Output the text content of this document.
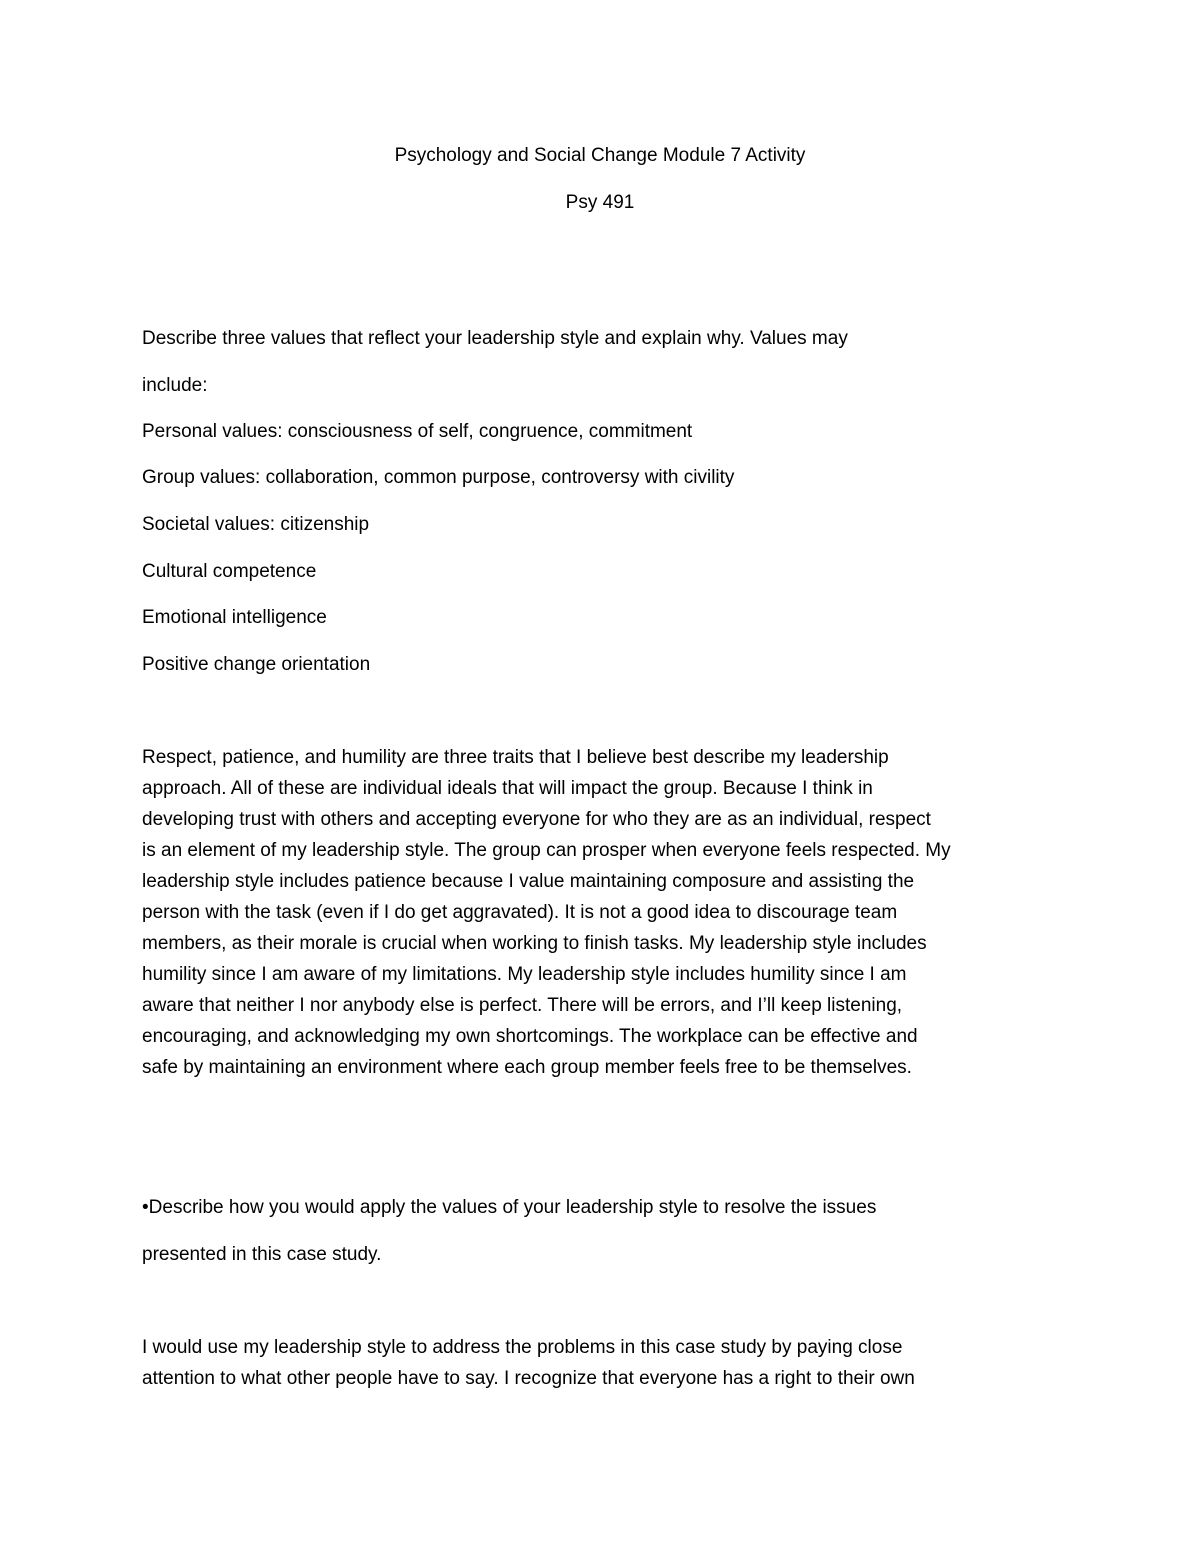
Psychology and Social Change Module 7 Activity
Psy 491
Describe three values that reflect your leadership style and explain why. Values may
include:
Personal values: consciousness of self, congruence, commitment
Group values: collaboration, common purpose, controversy with civility
Societal values: citizenship
Cultural competence
Emotional intelligence
Positive change orientation

Respect, patience, and humility are three traits that I believe best describe my leadership
approach. All of these are individual ideals that will impact the group. Because I think in
developing trust with others and accepting everyone for who they are as an individual, respect
is an element of my leadership style. The group can prosper when everyone feels respected. My
leadership style includes patience because I value maintaining composure and assisting the
person with the task (even if I do get aggravated). It is not a good idea to discourage team
members, as their morale is crucial when working to finish tasks. My leadership style includes
humility since I am aware of my limitations. My leadership style includes humility since I am
aware that neither I nor anybody else is perfect. There will be errors, and I’ll keep listening,
encouraging, and acknowledging my own shortcomings. The workplace can be effective and
safe by maintaining an environment where each group member feels free to be themselves.

•Describe how you would apply the values of your leadership style to resolve the issues
presented in this case study.

I would use my leadership style to address the problems in this case study by paying close
attention to what other people have to say. I recognize that everyone has a right to their own
